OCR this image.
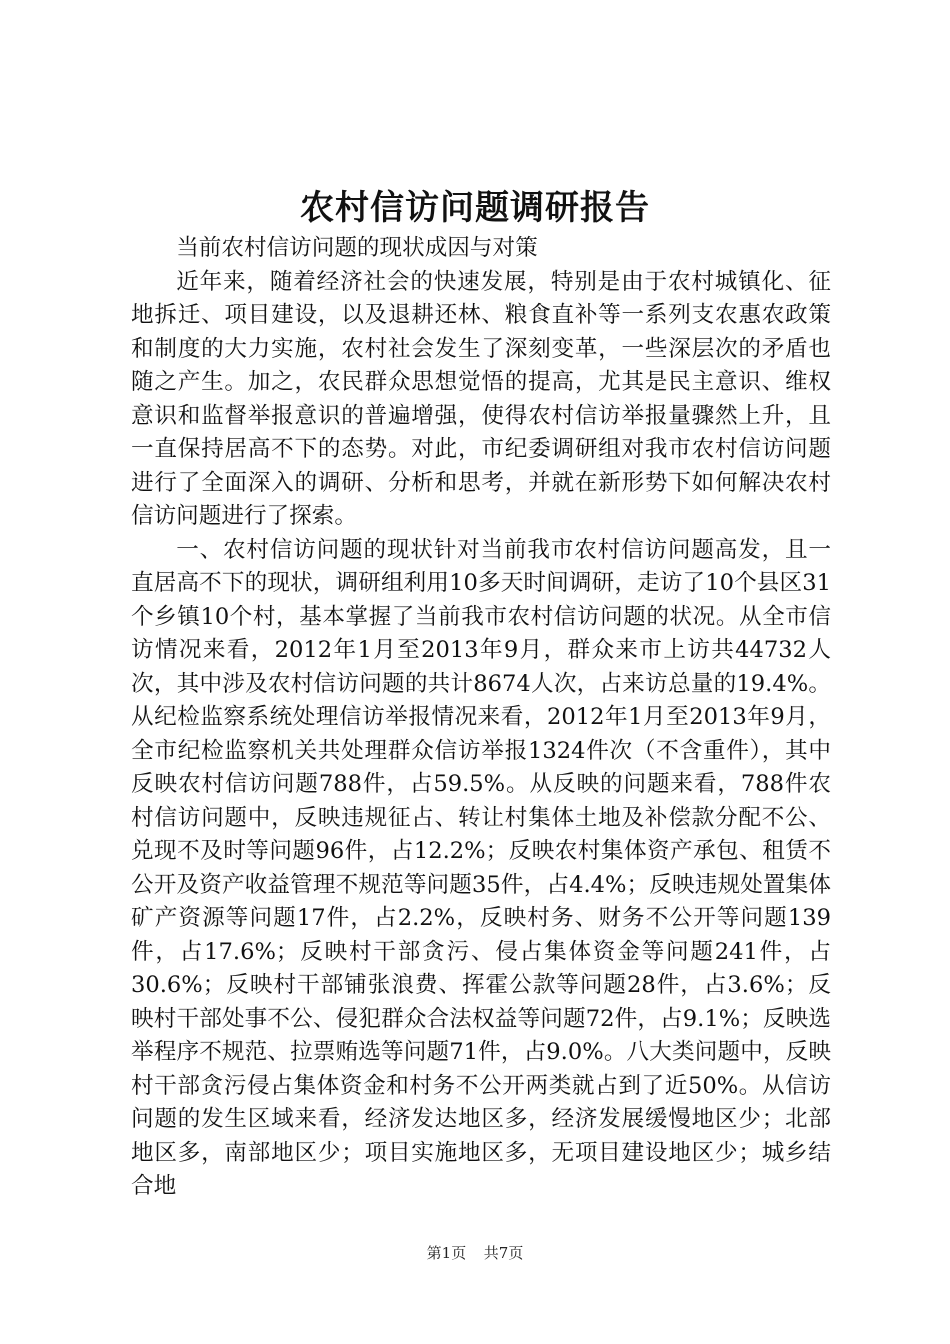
农村信访问题调研报告

当前农村信访问题的现状成因与对策

近年来，随着经济社会的快速发展，特别是由于农村城镇化、征地拆迁、项目建设，以及退耕还林、粮食直补等一系列支农惠农政策和制度的大力实施，农村社会发生了深刻变革，一些深层次的矛盾也随之产生。加之，农民群众思想觉悟的提高，尤其是民主意识、维权意识和监督举报意识的普遍增强，使得农村信访举报量骤然上升，且一直保持居高不下的态势。对此，市纪委调研组对我市农村信访问题进行了全面深入的调研、分析和思考，并就在新形势下如何解决农村信访问题进行了探索。

一、农村信访问题的现状针对当前我市农村信访问题高发，且一直居高不下的现状，调研组利用10多天时间调研，走访了10个县区31个乡镇10个村，基本掌握了当前我市农村信访问题的状况。从全市信访情况来看，2012年1月至2013年9月，群众来市上访共44732人次，其中涉及农村信访问题的共计8674人次，占来访总量的19.4%。从纪检监察系统处理信访举报情况来看，2012年1月至2013年9月，全市纪检监察机关共处理群众信访举报1324件次（不含重件），其中反映农村信访问题788件，占59.5%。从反映的问题来看，788件农村信访问题中，反映违规征占、转让村集体土地及补偿款分配不公、兑现不及时等问题96件，占12.2%；反映农村集体资产承包、租赁不公开及资产收益管理不规范等问题35件，占4.4%；反映违规处置集体矿产资源等问题17件，占2.2%，反映村务、财务不公开等问题139件，占17.6%；反映村干部贪污、侵占集体资金等问题241件，占30.6%；反映村干部铺张浪费、挥霍公款等问题28件，占3.6%；反映村干部处事不公、侵犯群众合法权益等问题72件，占9.1%；反映选举程序不规范、拉票贿选等问题71件，占9.0%。八大类问题中，反映村干部贪污侵占集体资金和村务不公开两类就占到了近50%。从信访问题的发生区域来看，经济发达地区多，经济发展缓慢地区少；北部地区多，南部地区少；项目实施地区多，无项目建设地区少；城乡结合地

第1页 共7页
